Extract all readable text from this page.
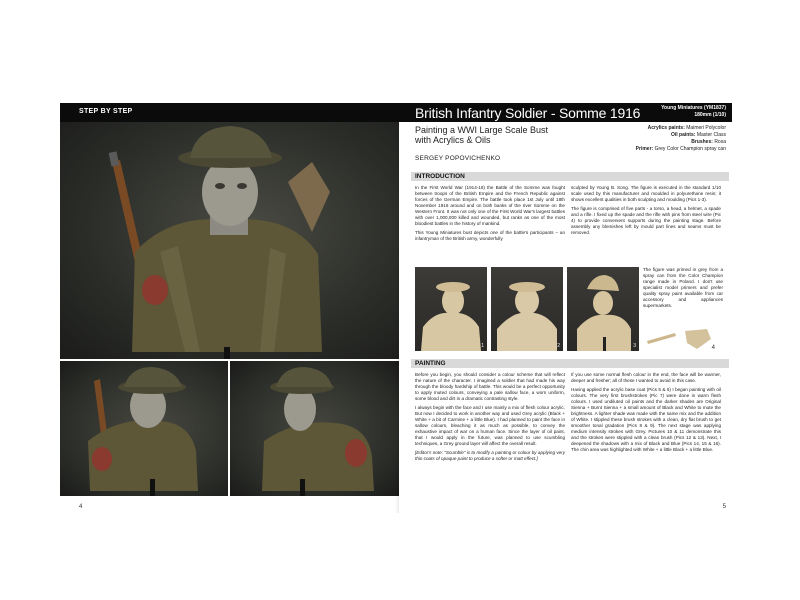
STEP BY STEP
4
British Infantry Soldier - Somme 1916	Young Miniatures (YM1837)
180mm (1/10)
Painting a WWI Large Scale Bust with Acrylics & Oils
SERGEY POPOVICHENKO
Acrylics paints: Maimeri Polycolor
Oil paints: Master Class
Brushes: Rosa
Primer: Grey Color Champion spray can
INTRODUCTION

In the First World War (1914-18) the Battle of the Somme was fought between troops of the British Empire and the French Republic against forces of the German Empire. The battle took place 1st July until 18th November 1916 around and on both banks of the river Somme on the Western Front. It was not only one of the First World War's largest battles with over 1,000,000 killed and wounded, but ranks as one of the most bloodiest battles in the history of mankind.

This Young Miniatures bust depicts one of the battle's participants – an infantryman of the British army, wonderfully

sculpted by Young B. Song. The figure is executed in the standard 1/10 scale used by this manufacturer and moulded in polyurethane resin; it shows excellent qualities in both sculpting and moulding (Pics 1-3).

The figure is comprised of five parts - a torso, a head, a helmet, a spade and a rifle. I fixed up the spade and the rifle with pins from steel wire (Pic 4) to provide convenient supports during the painting stage. Before assembly any blemishes left by mould part lines and seams must be removed.

1	2	3

The figure was primed in grey from a spray can from the Color Champion range made in Poland. I don't use specialist model primers and prefer quality spray paint available from car accessory and appliances supermarkets.

4
PAINTING

Before you begin, you should consider a colour scheme that will reflect the nature of the character. I imagined a soldier that had made his way through the bloody hardship of battle. This would be a perfect opportunity to apply muted colours, conveying a pale sallow face, a worn uniform, some blood and dirt in a dramatic contrasting style.

I always begin with the face and I use mainly a mix of flesh colour acrylic. But now I decided to work in another way and used Grey acrylic (Black + White + a bit of Carmine + a little Blue). I had planned to paint the face in sallow colours, bleaching it as much as possible, to convey the exhaustive impact of war on a human face. Since the layer of oil paint, that I would apply in the future, was planned to use scumbling techniques, a Grey ground layer will affect the overall result.

[Editor's note: "Scumble" is to modify a painting or colour by applying very thin coats of opaque paint to produce a softer or matt effect.]

If you use some normal flesh colour in the end, the face will be warmer, deeper and fresher; all of these I wanted to avoid in this case.

Having applied the acrylic base coat (Pics 5 & 6) I began painting with oil colours. The very first brushstrokes (Pic 7) were done in warm flesh colours. I used undiluted oil paints and the darker shades are Original Sienna + Burnt Sienna + a small amount of Black and White to mute the brightness. A lighter shade was made with the same mix and the addition of White. I stippled these brush strokes with a clean, dry flat brush to get smoother tonal gradation (Pics 8 & 9). The next stage was applying medium intensity strokes with Grey. Pictures 10 & 11 demonstrate this and the strokes were stippled with a clean brush (Pics 12 & 13). Next, I deepened the shadows with a mix of Black and Blue (Pics 14, 15 & 16). The chin area was highlighted with White + a little Black + a little Blue.

5
